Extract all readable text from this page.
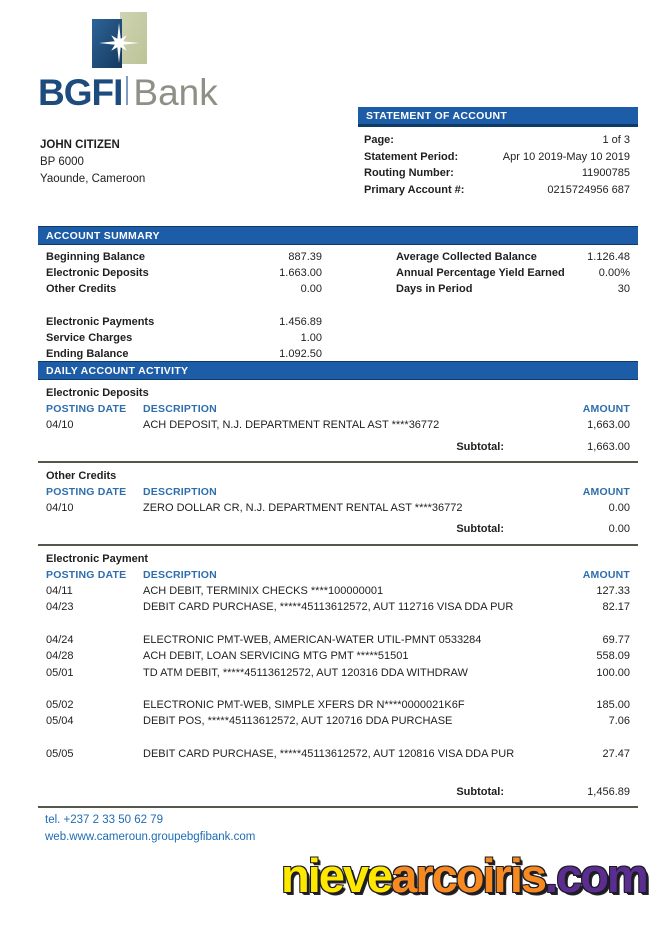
BGFI Bank
JOHN CITIZEN
BP 6000
Yaounde, Cameroon
STATEMENT OF ACCOUNT
Page:	1 of 3
Statement Period:	Apr 10 2019-May 10 2019
Routing Number:	11900785
Primary Account #:	0215724956 687
ACCOUNT SUMMARY
Beginning Balance	887.39
Electronic Deposits	1.663.00
Other Credits	0.00
Electronic Payments	1.456.89
Service Charges	1.00
Ending Balance	1.092.50
Average Collected Balance	1.126.48
Annual Percentage Yield Earned	0.00%
Days in Period	30
DAILY ACCOUNT ACTIVITY
Electronic Deposits
POSTING DATE	DESCRIPTION	AMOUNT
04/10	ACH DEPOSIT, N.J. DEPARTMENT RENTAL AST ****36772	1,663.00
Subtotal:	1,663.00
Other Credits
POSTING DATE	DESCRIPTION	AMOUNT
04/10	ZERO DOLLAR CR, N.J. DEPARTMENT RENTAL AST ****36772	0.00
Subtotal:	0.00
Electronic Payment
POSTING DATE	DESCRIPTION	AMOUNT
04/11	ACH DEBIT, TERMINIX CHECKS ****100000001	127.33
04/23	DEBIT CARD PURCHASE, *****45113612572, AUT 112716 VISA DDA PUR	82.17
04/24	ELECTRONIC PMT-WEB, AMERICAN-WATER UTIL-PMNT 0533284	69.77
04/28	ACH DEBIT, LOAN SERVICING MTG PMT *****51501	558.09
05/01	TD ATM DEBIT, *****45113612572, AUT 120316 DDA WITHDRAW	100.00
05/02	ELECTRONIC PMT-WEB, SIMPLE XFERS DR N****0000021K6F	185.00
05/04	DEBIT POS, *****45113612572, AUT 120716 DDA PURCHASE	7.06
05/05	DEBIT CARD PURCHASE, *****45113612572, AUT 120816 VISA DDA PUR	27.47
Subtotal:	1,456.89
tel. +237 2 33 50 62 79
web.www.cameroun.groupebgfibank.com
nievearcoiris.com
